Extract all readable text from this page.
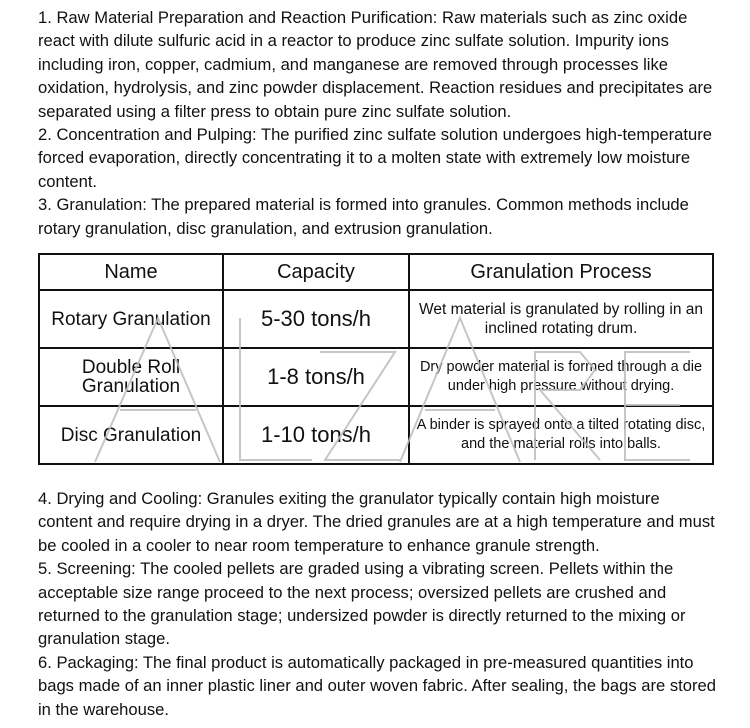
1. Raw Material Preparation and Reaction Purification: Raw materials such as zinc oxide react with dilute sulfuric acid in a reactor to produce zinc sulfate solution. Impurity ions including iron, copper, cadmium, and manganese are removed through processes like oxidation, hydrolysis, and zinc powder displacement. Reaction residues and precipitates are separated using a filter press to obtain pure zinc sulfate solution.
2. Concentration and Pulping: The purified zinc sulfate solution undergoes high-temperature forced evaporation, directly concentrating it to a molten state with extremely low moisture content.
3. Granulation: The prepared material is formed into granules. Common methods include rotary granulation, disc granulation, and extrusion granulation.
Name	Capacity	Granulation Process
Rotary Granulation	5-30 tons/h	Wet material is granulated by rolling in an inclined rotating drum.
Double Roll Granulation	1-8 tons/h	Dry powder material is formed through a die under high pressure without drying.
Disc Granulation	1-10 tons/h	A binder is sprayed onto a tilted rotating disc, and the material rolls into balls.
4. Drying and Cooling: Granules exiting the granulator typically contain high moisture content and require drying in a dryer. The dried granules are at a high temperature and must be cooled in a cooler to near room temperature to enhance granule strength.
5. Screening: The cooled pellets are graded using a vibrating screen. Pellets within the acceptable size range proceed to the next process; oversized pellets are crushed and returned to the granulation stage; undersized powder is directly returned to the mixing or granulation stage.
6. Packaging: The final product is automatically packaged in pre-measured quantities into bags made of an inner plastic liner and outer woven fabric. After sealing, the bags are stored in the warehouse.
